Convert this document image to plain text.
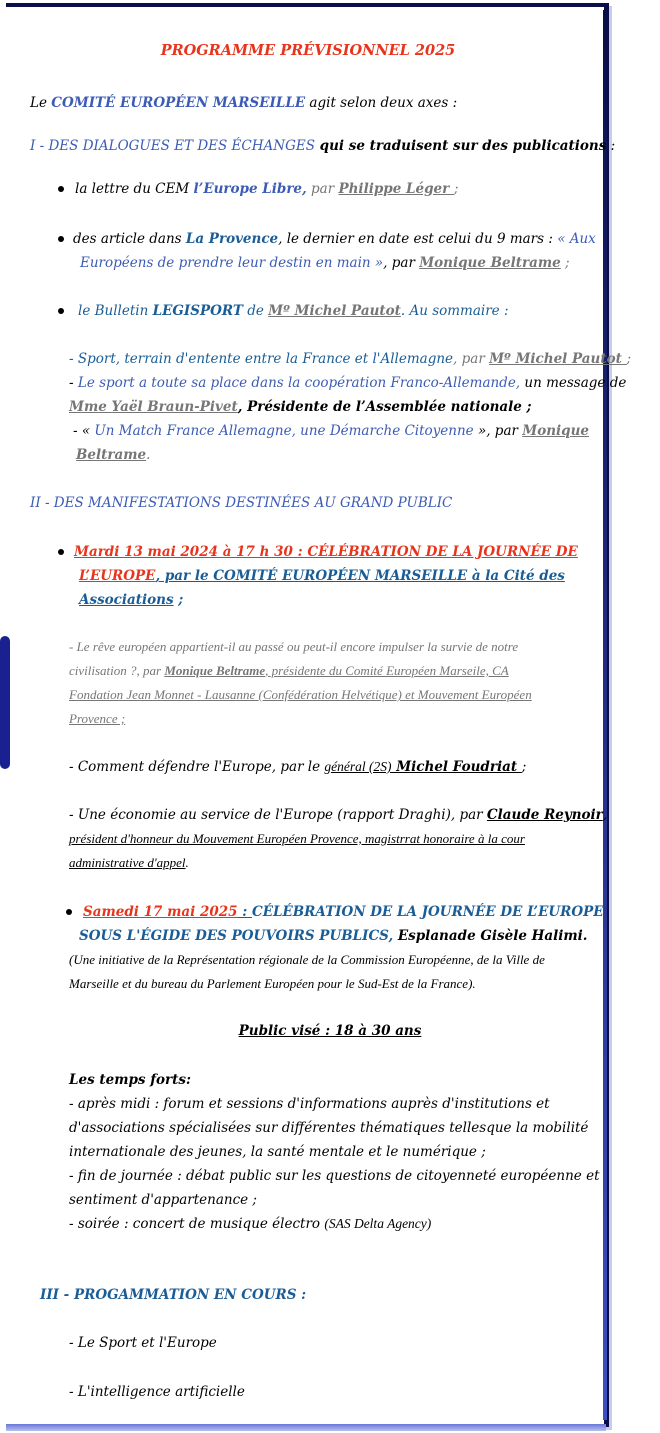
PROGRAMME PRÉVISIONNEL 2025
Le COMITÉ EUROPÉEN MARSEILLE agit selon deux axes :
I - DES DIALOGUES ET DES ÉCHANGES qui se traduisent sur des publications :
la lettre du CEM l’Europe Libre, par Philippe Léger ;
des article dans La Provence, le dernier en date est celui du 9 mars : « Aux
Européens de prendre leur destin en main », par Monique Beltrame ;
le Bulletin LEGISPORT de Mº Michel Pautot. Au sommaire :
- Sport, terrain d'entente entre la France et l'Allemagne, par Mº Michel Pautot ;
- Le sport a toute sa place dans la coopération Franco-Allemande, un message de
Mme Yaël Braun-Pivet, Présidente de l’Assemblée nationale ;
- « Un Match France Allemagne, une Démarche Citoyenne », par Monique
Beltrame.
II - DES MANIFESTATIONS DESTINÉES AU GRAND PUBLIC
Mardi 13 mai 2024 à 17 h 30 : CÉLÉBRATION DE LA JOURNÉE DE
L’EUROPE, par le COMITÉ EUROPÉEN MARSEILLE à la Cité des
Associations ;
- Le rêve européen appartient-il au passé ou peut-il encore impulser la survie de notre
civilisation ?, par Monique Beltrame, présidente du Comité Européen Marseile, CA
Fondation Jean Monnet - Lausanne (Confédération Helvétique) et Mouvement Européen
Provence ;
- Comment défendre l'Europe, par le général (2S) Michel Foudriat ;
- Une économie au service de l'Europe (rapport Draghi), par Claude Reynoir,
président d'honneur du Mouvement Européen Provence, magistrrat honoraire à la cour
administrative d'appel.
Samedi 17 mai 2025 : CÉLÉBRATION DE LA JOURNÉE DE L’EUROPE
SOUS L'ÉGIDE DES POUVOIRS PUBLICS, Esplanade Gisèle Halimi.
(Une initiative de la Représentation régionale de la Commission Européenne, de la Ville de
Marseille et du bureau du Parlement Européen pour le Sud-Est de la France).
Public visé : 18 à 30 ans
Les temps forts:
- après midi : forum et sessions d'informations auprès d'institutions et
d'associations spécialisées sur différentes thématiques tellesque la mobilité
internationale des jeunes, la santé mentale et le numérique ;
- fin de journée : débat public sur les questions de citoyenneté européenne et
sentiment d'appartenance ;
- soirée : concert de musique électro (SAS Delta Agency)
III - PROGAMMATION EN COURS :
- Le Sport et l'Europe
- L'intelligence artificielle
